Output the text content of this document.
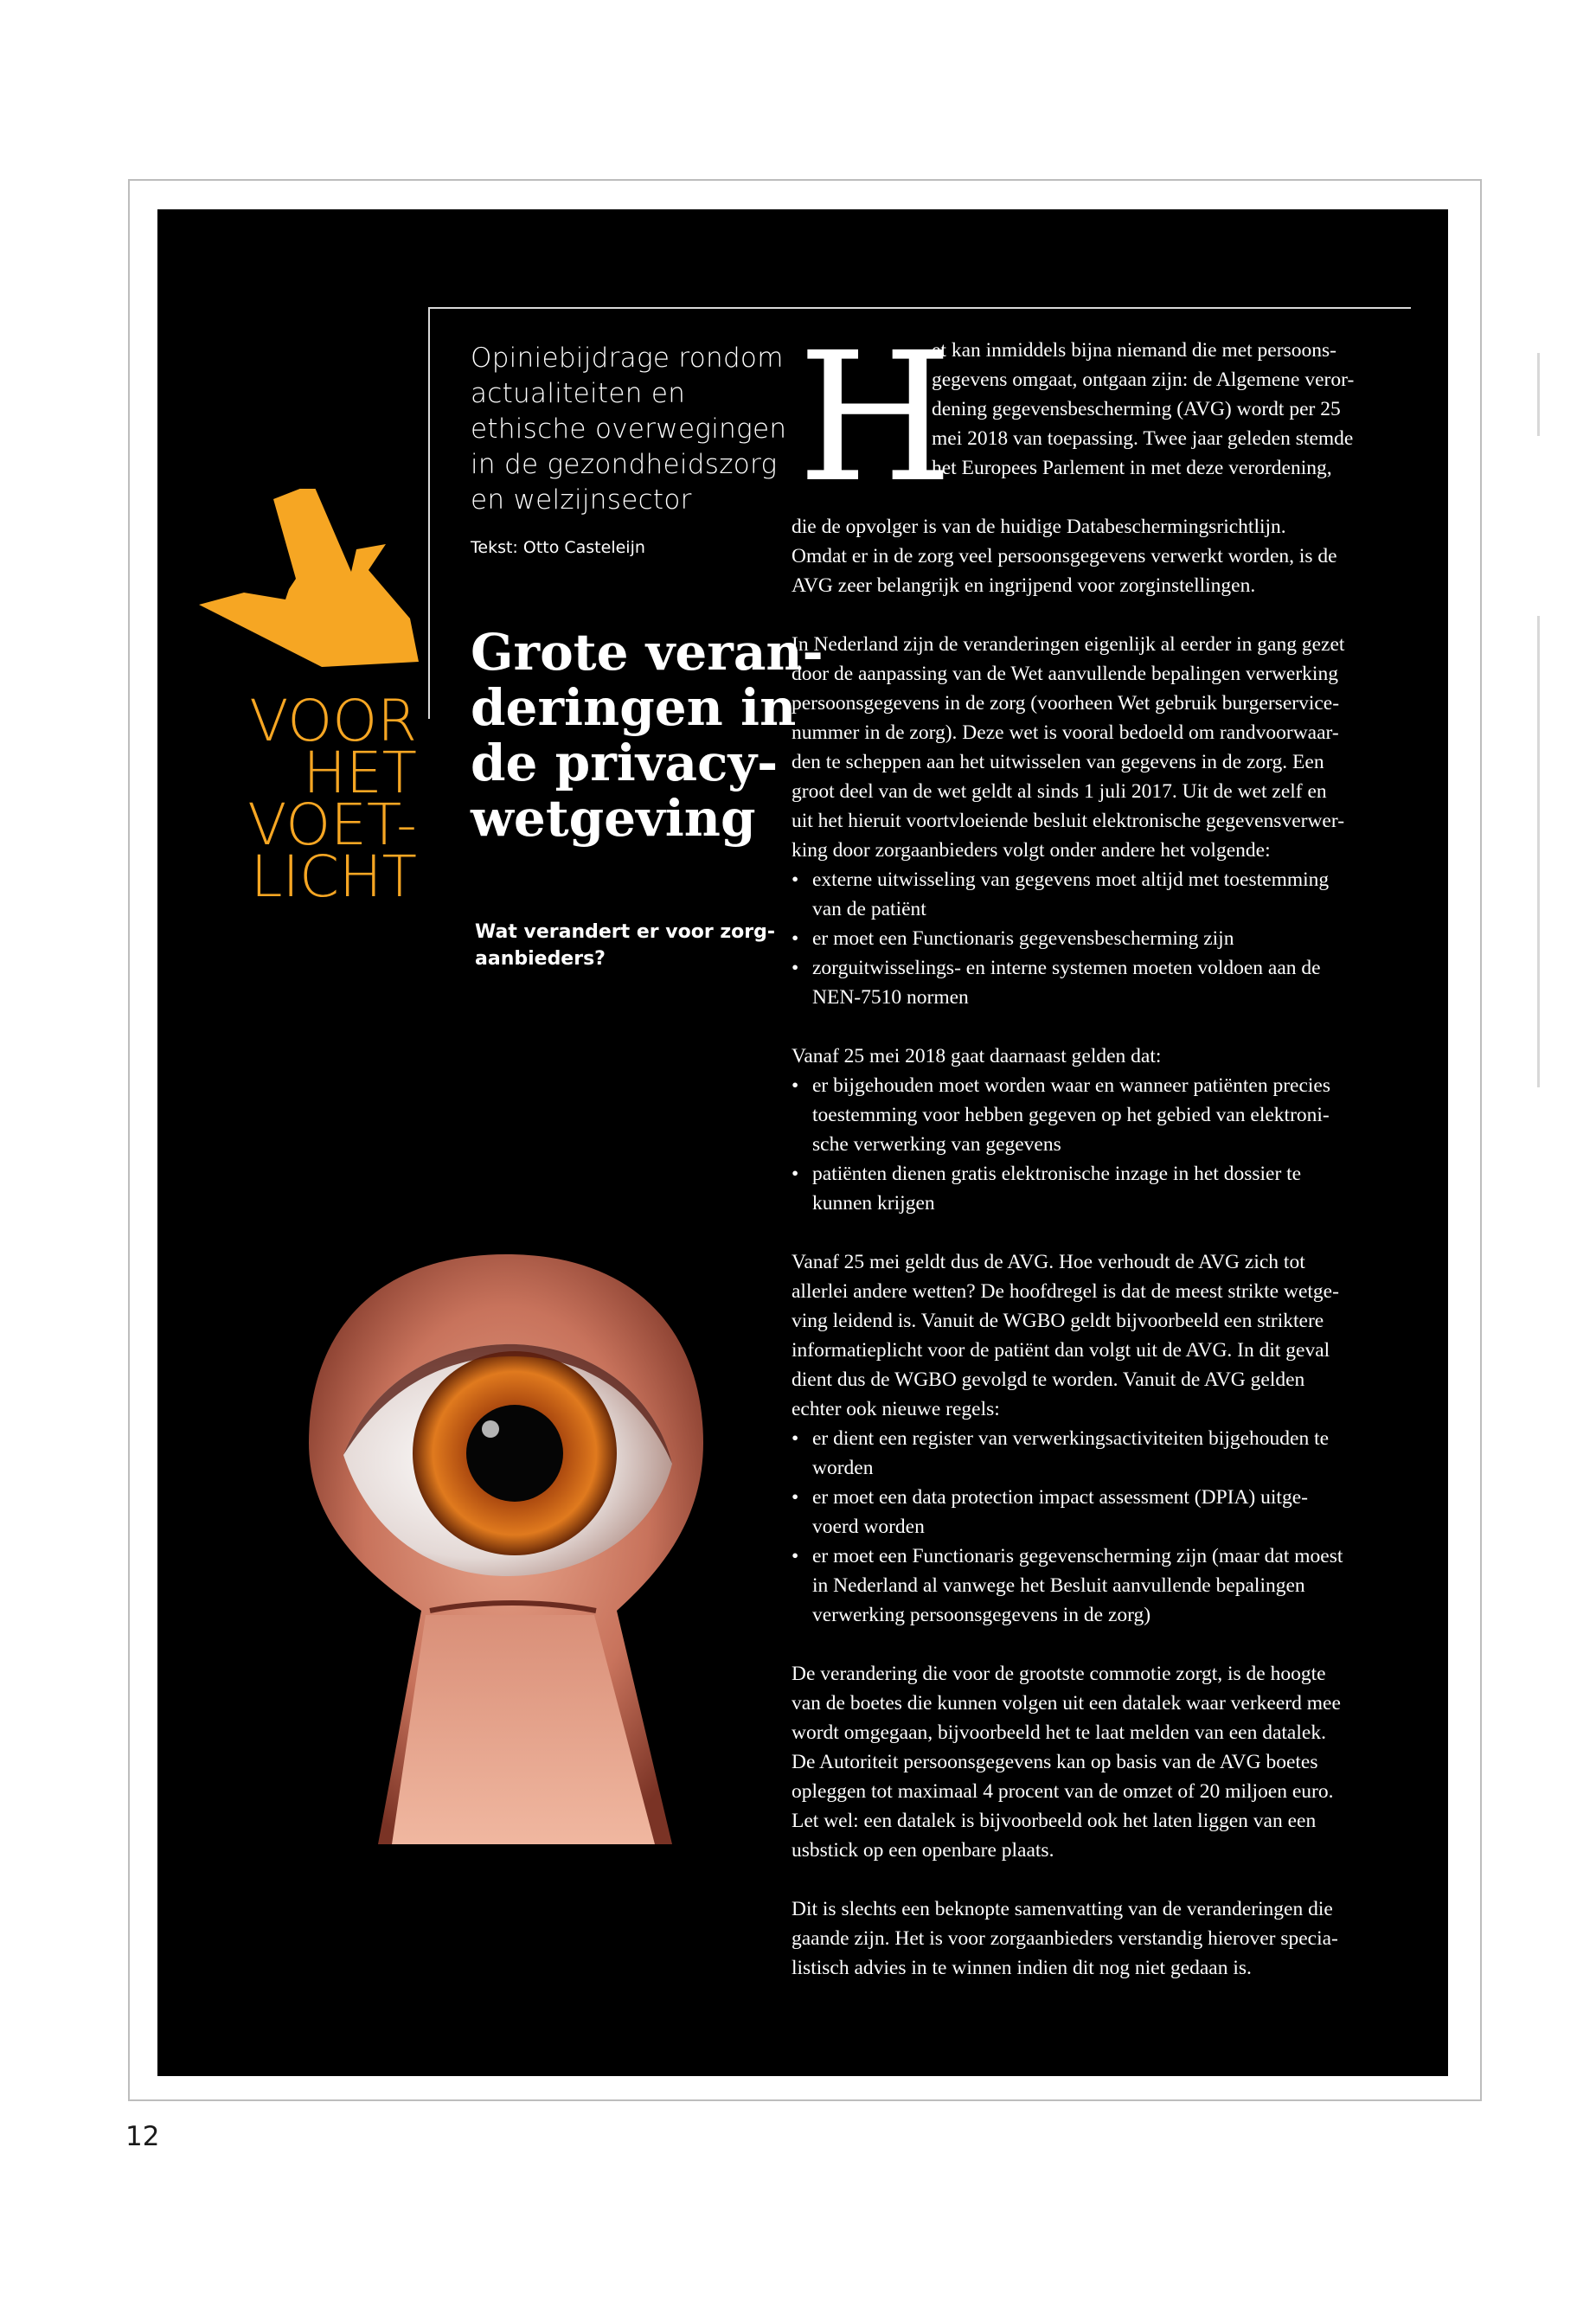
VOOR
HET
VOET-
LICHT
Opiniebijdrage rondom
actualiteiten en
ethische overwegingen
in de gezondheidszorg
en welzijnsector
Tekst: Otto Casteleijn
Grote veran-
deringen in
de privacy-
wetgeving
Wat verandert er voor zorg-
aanbieders?
H
et kan inmiddels bijna niemand die met persoons-
gegevens omgaat, ontgaan zijn: de Algemene veror-
dening gegevensbescherming (AVG) wordt per 25
mei 2018 van toepassing. Twee jaar geleden stemde
het Europees Parlement in met deze verordening,
die de opvolger is van de huidige Databeschermingsrichtlijn.
Omdat er in de zorg veel persoonsgegevens verwerkt worden, is de
AVG zeer belangrijk en ingrijpend voor zorginstellingen.
In Nederland zijn de veranderingen eigenlijk al eerder in gang gezet
door de aanpassing van de Wet aanvullende bepalingen verwerking
persoonsgegevens in de zorg (voorheen Wet gebruik burgerservice-
nummer in de zorg). Deze wet is vooral bedoeld om randvoorwaar-
den te scheppen aan het uitwisselen van gegevens in de zorg. Een
groot deel van de wet geldt al sinds 1 juli 2017. Uit de wet zelf en
uit het hieruit voortvloeiende besluit elektronische gegevensverwer-
king door zorgaanbieders volgt onder andere het volgende:
• externe uitwisseling van gegevens moet altijd met toestemming
van de patiënt
• er moet een Functionaris gegevensbescherming zijn
• zorguitwisselings- en interne systemen moeten voldoen aan de
NEN-7510 normen
Vanaf 25 mei 2018 gaat daarnaast gelden dat:
• er bijgehouden moet worden waar en wanneer patiënten precies
toestemming voor hebben gegeven op het gebied van elektroni-
sche verwerking van gegevens
• patiënten dienen gratis elektronische inzage in het dossier te
kunnen krijgen
Vanaf 25 mei geldt dus de AVG. Hoe verhoudt de AVG zich tot
allerlei andere wetten? De hoofdregel is dat de meest strikte wetge-
ving leidend is. Vanuit de WGBO geldt bijvoorbeeld een striktere
informatieplicht voor de patiënt dan volgt uit de AVG. In dit geval
dient dus de WGBO gevolgd te worden. Vanuit de AVG gelden
echter ook nieuwe regels:
• er dient een register van verwerkingsactiviteiten bijgehouden te
worden
• er moet een data protection impact assessment (DPIA) uitge-
voerd worden
• er moet een Functionaris gegevenscherming zijn (maar dat moest
in Nederland al vanwege het Besluit aanvullende bepalingen
verwerking persoonsgegevens in de zorg)
De verandering die voor de grootste commotie zorgt, is de hoogte
van de boetes die kunnen volgen uit een datalek waar verkeerd mee
wordt omgegaan, bijvoorbeeld het te laat melden van een datalek.
De Autoriteit persoonsgegevens kan op basis van de AVG boetes
opleggen tot maximaal 4 procent van de omzet of 20 miljoen euro.
Let wel: een datalek is bijvoorbeeld ook het laten liggen van een
usbstick op een openbare plaats.
Dit is slechts een beknopte samenvatting van de veranderingen die
gaande zijn. Het is voor zorgaanbieders verstandig hierover specia-
listisch advies in te winnen indien dit nog niet gedaan is.
12
